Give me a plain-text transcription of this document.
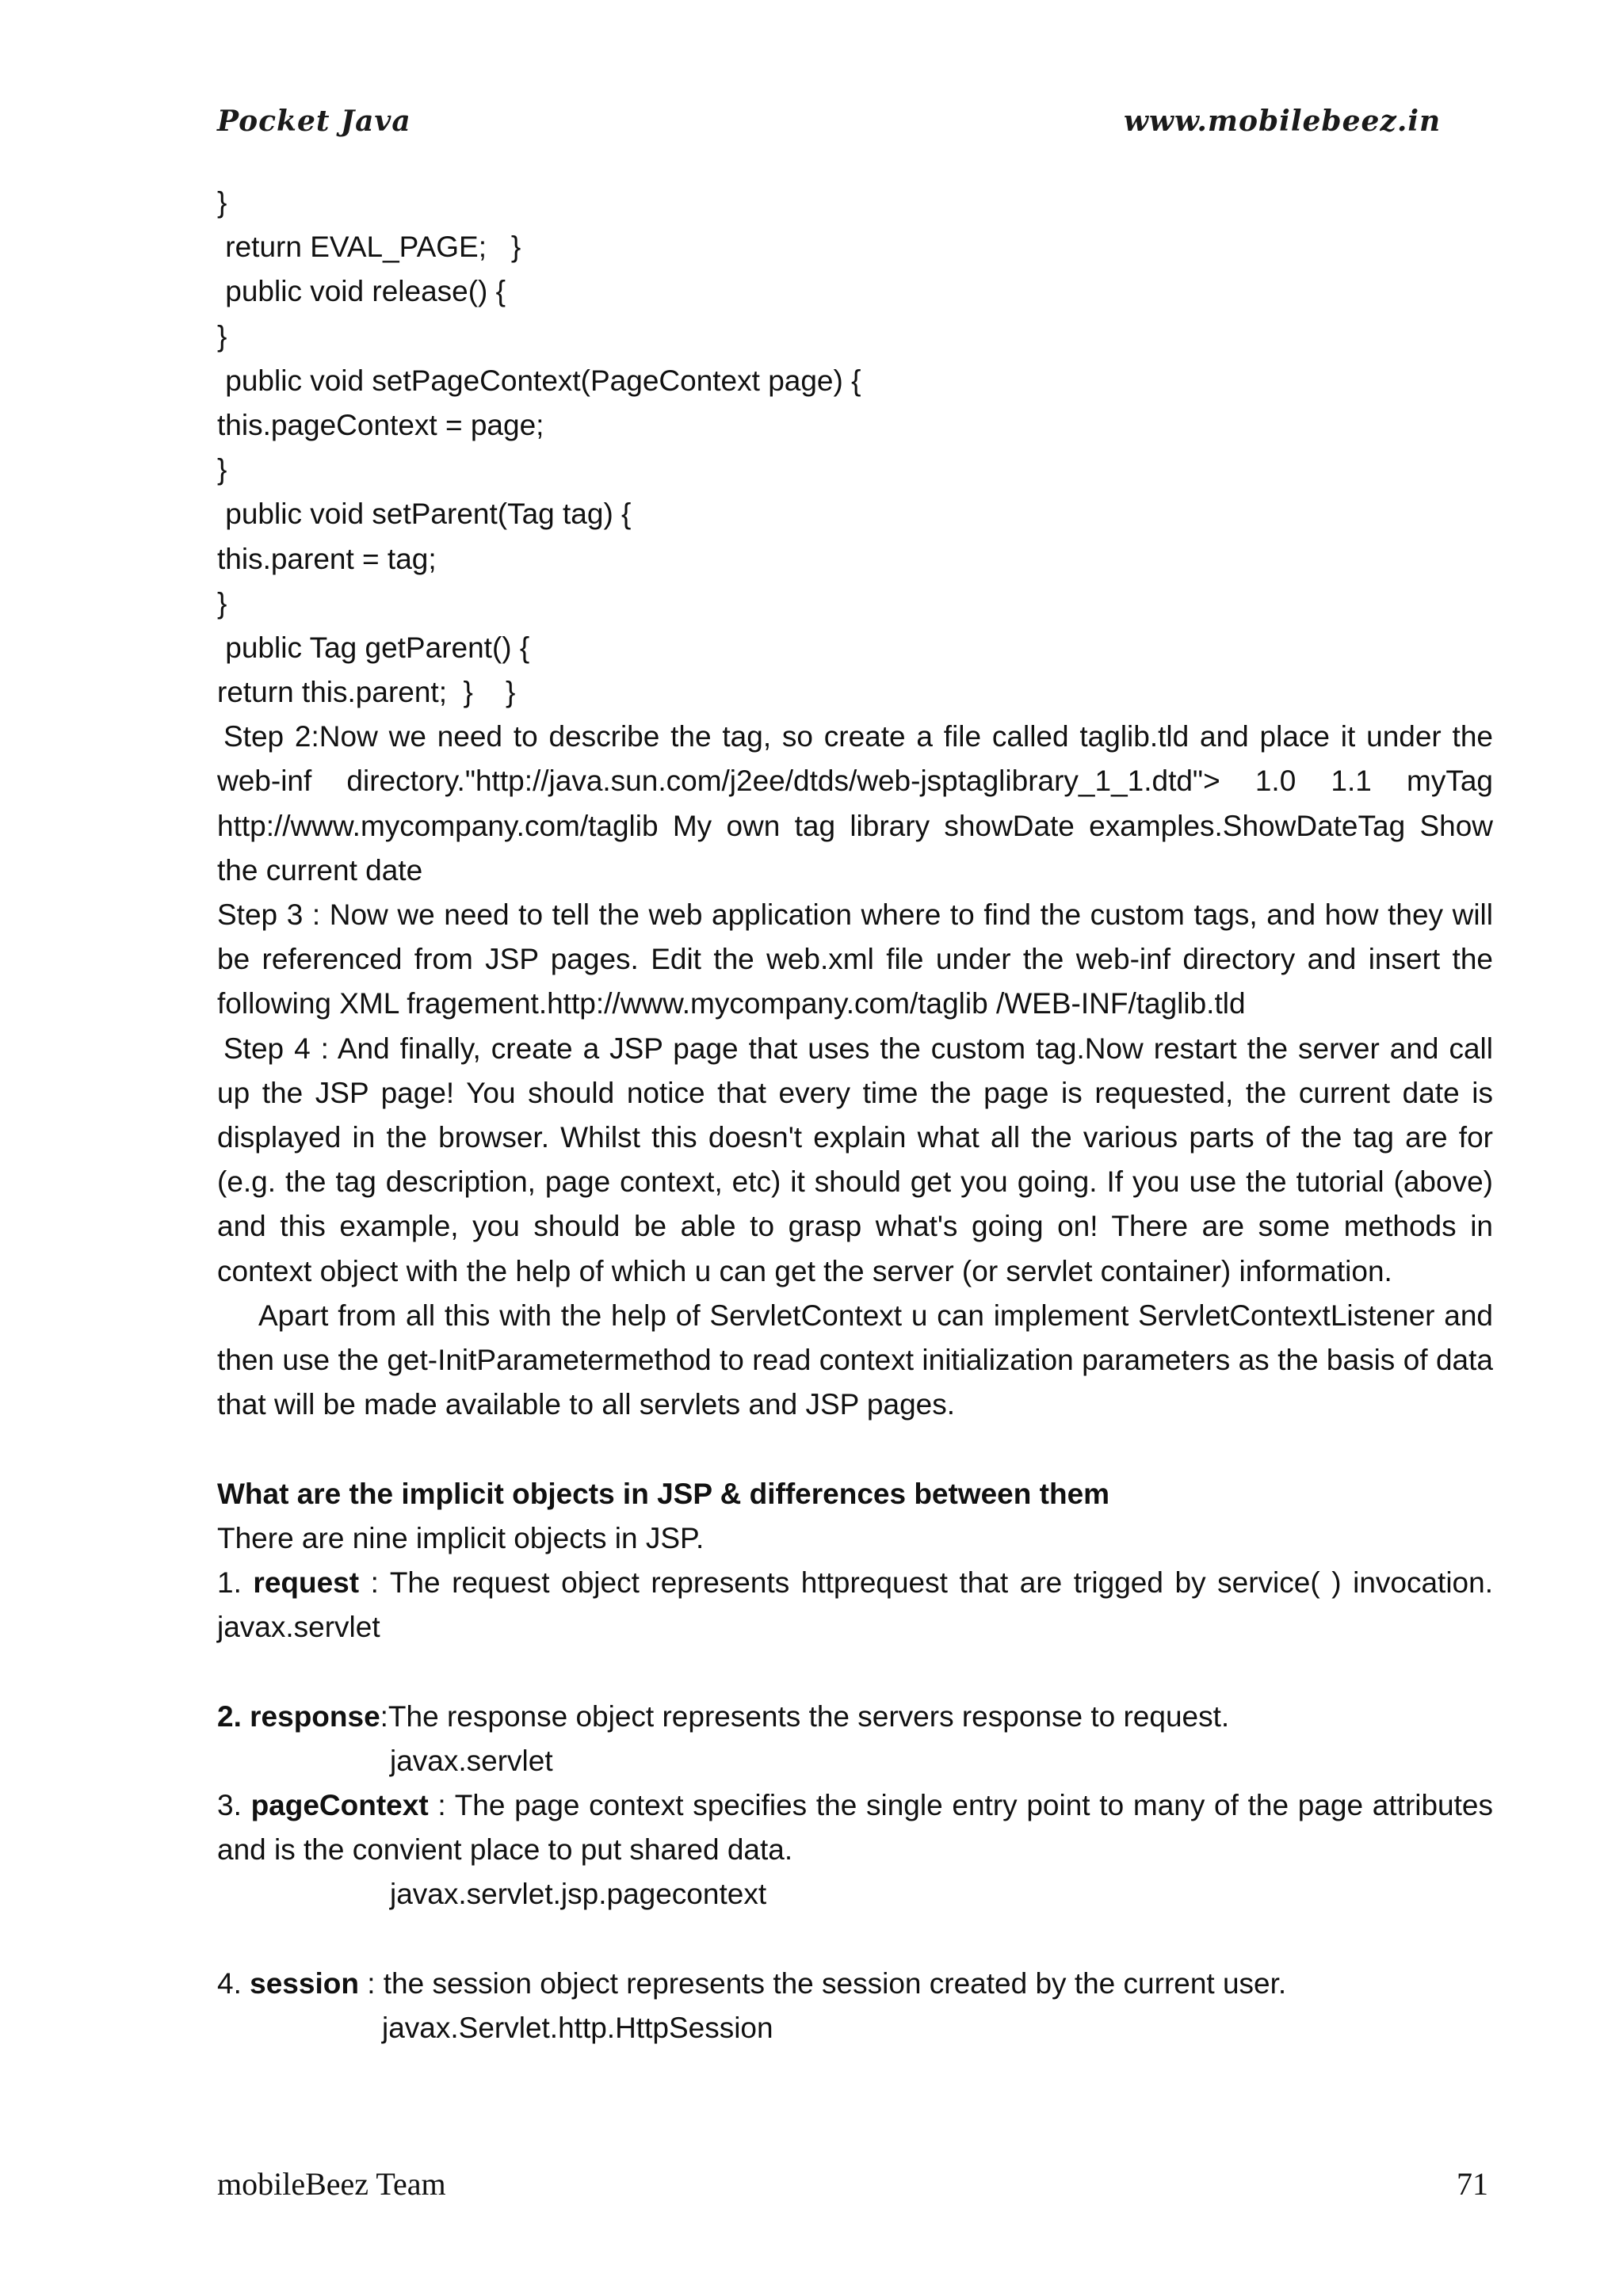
Pocket Java	www.mobilebeez.in
}
return EVAL_PAGE;   }
public void release() {
}
public void setPageContext(PageContext page) {
this.pageContext = page;
}
public void setParent(Tag tag) {
this.parent = tag;
}
public Tag getParent() {
return this.parent;  }    }
Step 2:Now we need to describe the tag, so create a file called taglib.tld and place it under the web-inf directory."http://java.sun.com/j2ee/dtds/web-jsptaglibrary_1_1.dtd"> 1.0 1.1 myTag http://www.mycompany.com/taglib My own tag library showDate examples.ShowDateTag Show the current date
Step 3 : Now we need to tell the web application where to find the custom tags, and how they will be referenced from JSP pages. Edit the web.xml file under the web-inf directory and insert the following XML fragement.http://www.mycompany.com/taglib /WEB-INF/taglib.tld
Step 4 : And finally, create a JSP page that uses the custom tag.Now restart the server and call up the JSP page! You should notice that every time the page is requested, the current date is displayed in the browser. Whilst this doesn't explain what all the various parts of the tag are for (e.g. the tag description, page context, etc) it should get you going. If you use the tutorial (above) and this example, you should be able to grasp what's going on! There are some methods in context object with the help of which u can get the server (or servlet container) information.
Apart from all this with the help of ServletContext u can implement ServletContextListener and then use the get-InitParametermethod to read context initialization parameters as the basis of data that will be made available to all servlets and JSP pages.
What are the implicit objects in JSP & differences between them
There are nine implicit objects in JSP.
1. request : The request object represents httprequest that are trigged by service( ) invocation. javax.servlet
2. response:The response object represents the servers response to request.
javax.servlet
3. pageContext : The page context specifies the single entry point to many of the page attributes and is the convient place to put shared data.
javax.servlet.jsp.pagecontext
4. session : the session object represents the session created by the current user.
javax.Servlet.http.HttpSession
mobileBeez Team	71
